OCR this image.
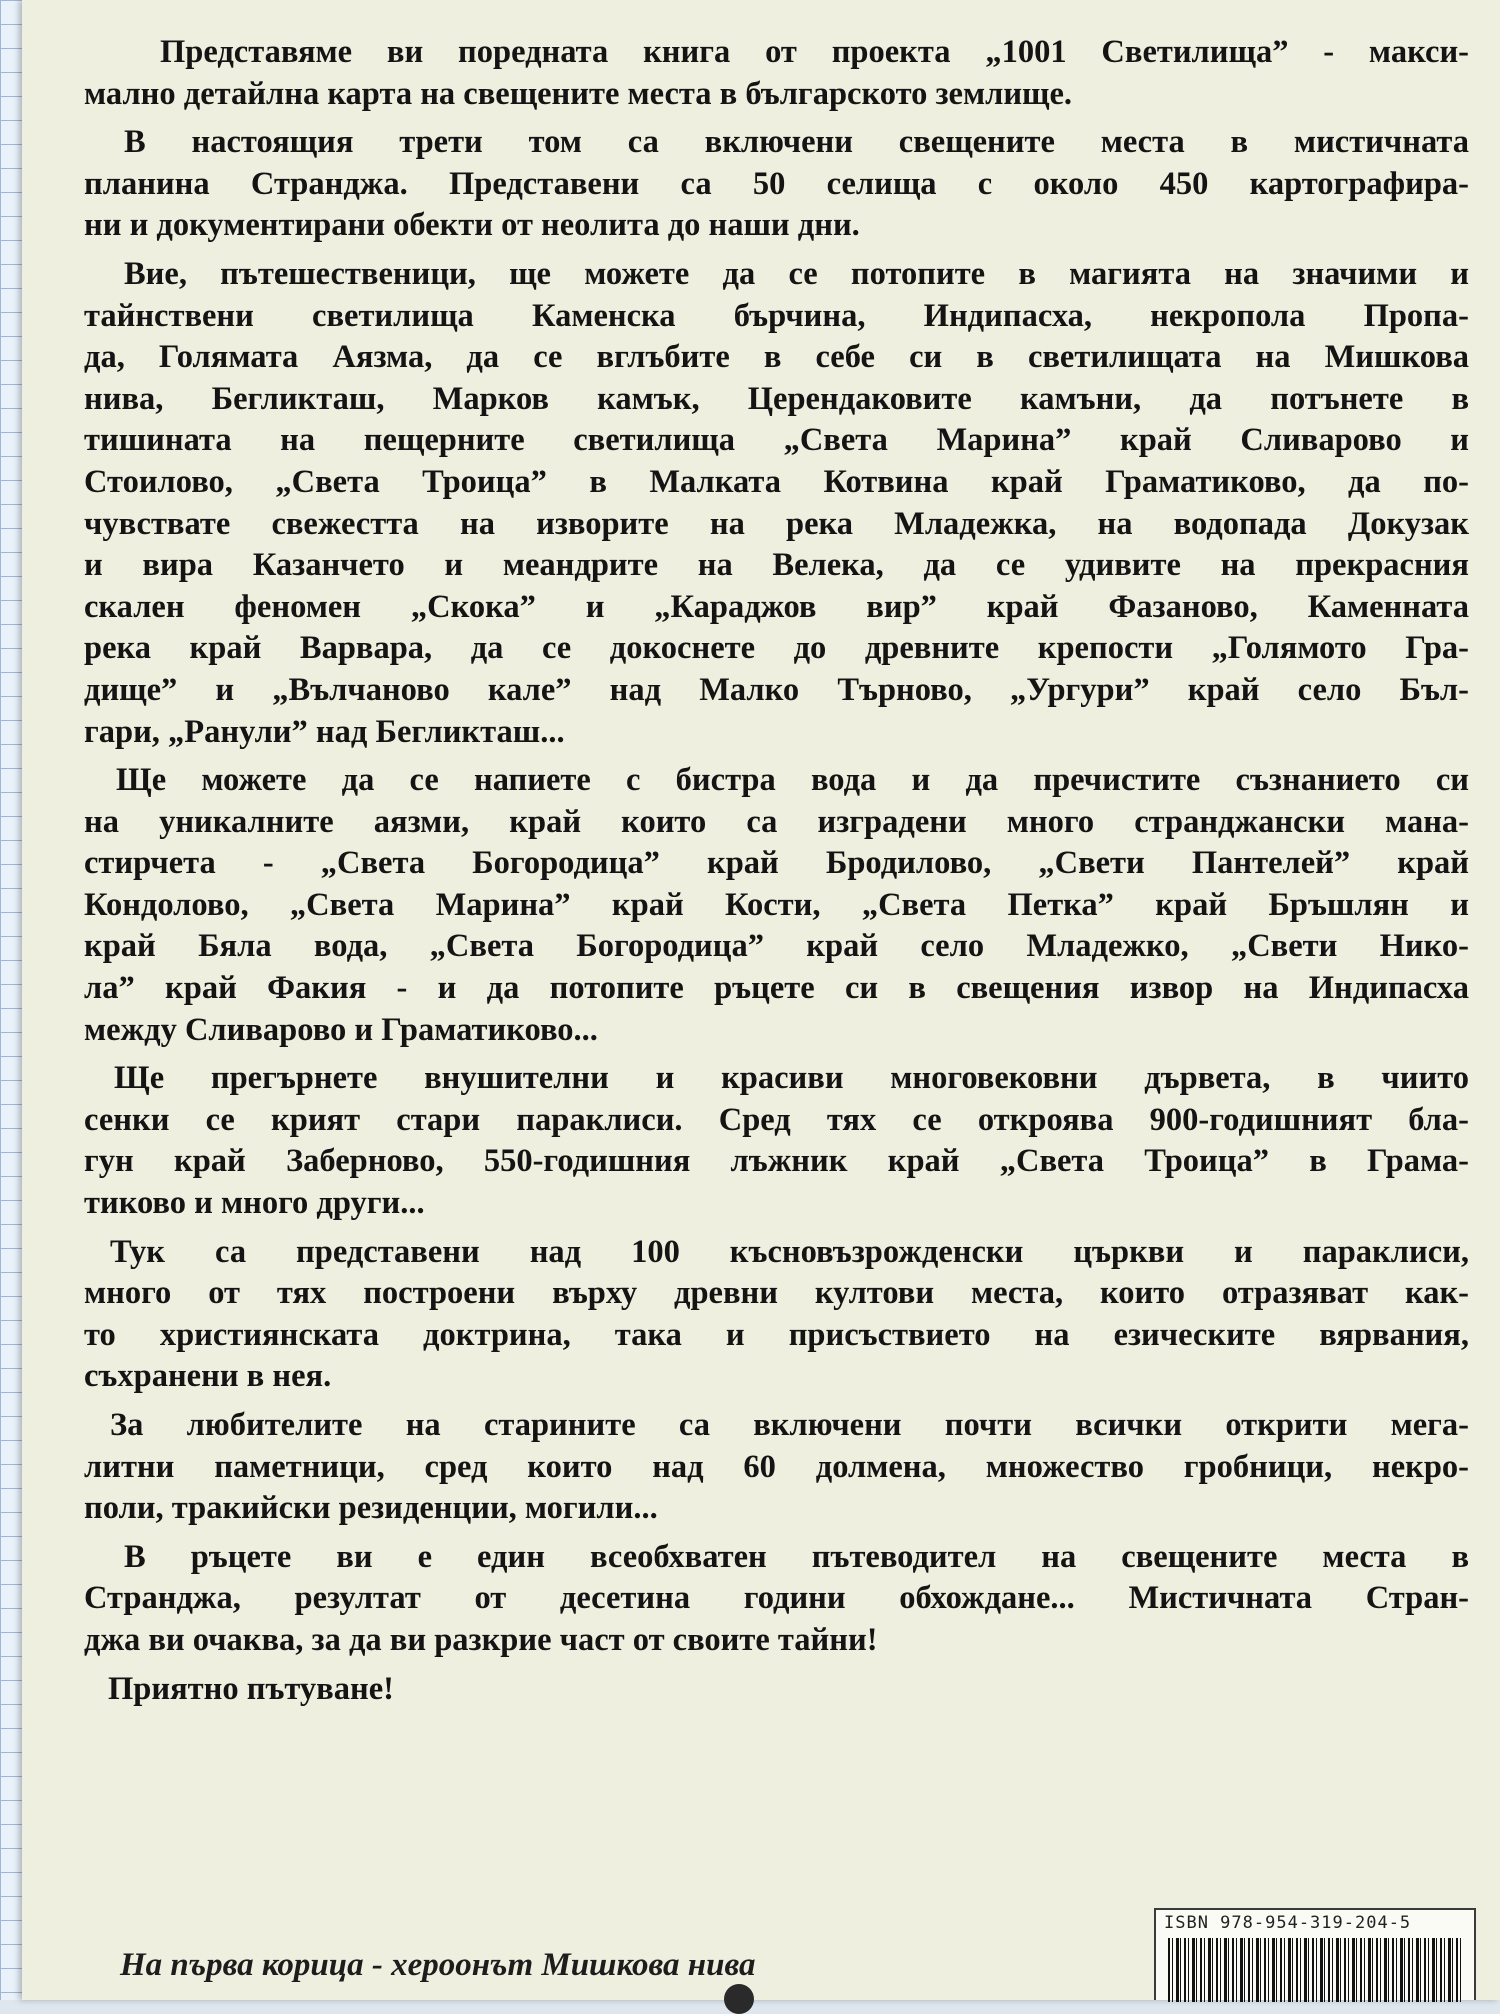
Представяме ви поредната книга от проекта „1001 Светилища” - макси-
мално детайлна карта на свещените места в българското землище.
В настоящия трети том са включени свещените места в мистичната
планина Странджа. Представени са 50 селища с около 450 картографира-
ни и документирани обекти от неолита до наши дни.
Вие, пътешественици, ще можете да се потопите в магията на значими и
тайнствени светилища Каменска бърчина, Индипасха, некропола Пропа-
да, Голямата Аязма, да се вглъбите в себе си в светилищата на Мишкова
нива, Бегликташ, Марков камък, Церендаковите камъни, да потънете в
тишината на пещерните светилища „Света Марина” край Сливарово и
Стоилово, „Света Троица” в Малката Котвина край Граматиково, да по-
чувствате свежестта на изворите на река Младежка, на водопада Докузак
и вира Казанчето и меандрите на Велека, да се удивите на прекрасния
скален феномен „Скока” и „Караджов вир” край Фазаново, Каменната
река край Варвара, да се докоснете до древните крепости „Голямото Гра-
дище” и „Вълчаново кале” над Малко Търново, „Ургури” край село Бъл-
гари, „Ранули” над Бегликташ...
Ще можете да се напиете с бистра вода и да пречистите съзнанието си
на уникалните аязми, край които са изградени много странджански мана-
стирчета - „Света Богородица” край Бродилово, „Свети Пантелей” край
Кондолово, „Света Марина” край Кости, „Света Петка” край Бръшлян и
край Бяла вода, „Света Богородица” край село Младежко, „Свети Нико-
ла” край Факия - и да потопите ръцете си в свещения извор на Индипасха
между Сливарово и Граматиково...
Ще прегърнете внушителни и красиви многовековни дървета, в чиито
сенки се крият стари параклиси. Сред тях се откроява 900-годишният бла-
гун край Заберново, 550-годишния лъжник край „Света Троица” в Грама-
тиково и много други...
Тук са представени над 100 късновъзрожденски църкви и параклиси,
много от тях построени върху древни култови места, които отразяват как-
то християнската доктрина, така и присъствието на езическите вярвания,
съхранени в нея.
За любителите на старините са включени почти всички открити мега-
литни паметници, сред които над 60 долмена, множество гробници, некро-
поли, тракийски резиденции, могили...
В ръцете ви е един всеобхватен пътеводител на свещените места в
Странджа, резултат от десетина години обхождане... Мистичната Стран-
джа ви очаква, за да ви разкрие част от своите тайни!
Приятно пътуване!
На първа корица - хероонът Мишкова нива
ISBN 978-954-319-204-5
